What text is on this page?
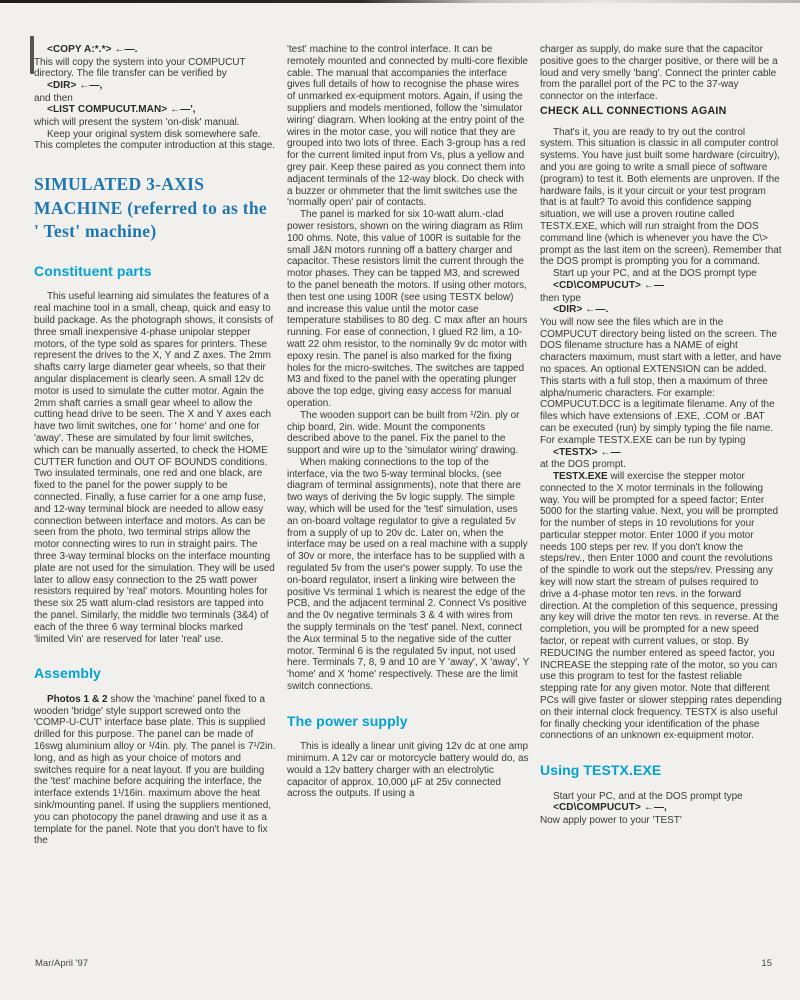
<COPY A:*.*> ←—.

This will copy the system into your COMPUCUT directory. The file transfer can be verified by

<DIR> ←—,

and then

<LIST COMPUCUT.MAN> ←—',

which will present the system 'on-disk' manual.

Keep your original system disk somewhere safe. This completes the computer introduction at this stage.

SIMULATED 3-AXIS MACHINE (referred to as the ' Test' machine)
Constituent parts

This useful learning aid simulates the features of a real machine tool in a small, cheap, quick and easy to build package. As the photograph shows, it consists of three small inexpensive 4-phase unipolar stepper motors, of the type sold as spares for printers. These represent the drives to the X, Y and Z axes. The 2mm shafts carry large diameter gear wheels, so that their angular displacement is clearly seen. A small 12v dc motor is used to simulate the cutter motor. Again the 2mm shaft carries a small gear wheel to allow the cutting head drive to be seen. The X and Y axes each have two limit switches, one for ' home' and one for 'away'. These are simulated by four limit switches, which can be manually asserted, to check the HOME CUTTER function and OUT OF BOUNDS conditions. Two insulated terminals, one red and one black, are fixed to the panel for the power supply to be connected. Finally, a fuse carrier for a one amp fuse, and 12-way terminal block are needed to allow easy connection between interface and motors. As can be seen from the photo, two terminal strips allow the motor connecting wires to run in straight pairs. The three 3-way terminal blocks on the interface mounting plate are not used for the simulation. They will be used later to allow easy connection to the 25 watt power resistors required by 'real' motors. Mounting holes for these six 25 watt alum-clad resistors are tapped into the panel. Similarly, the middle two terminals (3&4) of each of the three 6 way terminal blocks marked 'limited Vin' are reserved for later 'real' use.

Assembly

Photos 1 & 2 show the 'machine' panel fixed to a wooden 'bridge' style support screwed onto the 'COMP-U-CUT' interface base plate. This is supplied drilled for this purpose. The panel can be made of 16swg aluminium alloy or ¹/4in. ply. The panel is 7¹/2in. long, and as high as your choice of motors and switches require for a neat layout. If you are building the 'test' machine before acquiring the interface, the interface extends 1¹/16in. maximum above the heat sink/mounting panel. If using the suppliers mentioned, you can photocopy the panel drawing and use it as a template for the panel. Note that you don't have to fix the

'test' machine to the control interface. It can be remotely mounted and connected by multi-core flexible cable. The manual that accompanies the interface gives full details of how to recognise the phase wires of unmarked ex-equipment motors. Again, if using the suppliers and models mentioned, follow the 'simulator wiring' diagram. When looking at the entry point of the wires in the motor case, you will notice that they are grouped into two lots of three. Each 3-group has a red for the current limited input from Vs, plus a yellow and grey pair. Keep these paired as you connect them into adjacent terminals of the 12-way block. Do check with a buzzer or ohmmeter that the limit switches use the 'normally open' pair of contacts.

The panel is marked for six 10-watt alum.-clad power resistors, shown on the wiring diagram as Rlim 100 ohms. Note, this value of 100R is suitable for the small J&N motors running off a battery charger and capacitor. These resistors limit the current through the motor phases. They can be tapped M3, and screwed to the panel beneath the motors. If using other motors, then test one using 100R (see using TESTX below) and increase this value until the motor case temperature stabilises to 80 deg. C max after an hours running. For ease of connection, I glued R2 lim, a 10-watt 22 ohm resistor, to the nominally 9v dc motor with epoxy resin. The panel is also marked for the fixing holes for the micro-switches. The switches are tapped M3 and fixed to the panel with the operating plunger above the top edge, giving easy access for manual operation.

The wooden support can be built from ¹/2in. ply or chip board, 2in. wide. Mount the components described above to the panel. Fix the panel to the support and wire up to the 'simulator wiring' drawing.

When making connections to the top of the interface, via the two 5-way terminal blocks, (see diagram of terminal assignments), note that there are two ways of deriving the 5v logic supply. The simple way, which will be used for the 'test' simulation, uses an on-board voltage regulator to give a regulated 5v from a supply of up to 20v dc. Later on, when the interface may be used on a real machine with a supply of 30v or more, the interface has to be supplied with a regulated 5v from the user's power supply. To use the on-board regulator, insert a linking wire between the positive Vs terminal 1 which is nearest the edge of the PCB, and the adjacent terminal 2. Connect Vs positive and the 0v negative terminals 3 & 4 with wires from the supply terminals on the 'test' panel. Next, connect the Aux terminal 5 to the negative side of the cutter motor. Terminal 6 is the regulated 5v input, not used here. Terminals 7, 8, 9 and 10 are Y 'away', X 'away', Y 'home' and X 'home' respectively. These are the limit switch connections.

The power supply

This is ideally a linear unit giving 12v dc at one amp minimum. A 12v car or motorcycle battery would do, as would a 12v battery charger with an electrolytic capacitor of approx. 10,000 µF at 25v connected across the outputs. If using a

charger as supply, do make sure that the capacitor positive goes to the charger positive, or there will be a loud and very smelly 'bang'. Connect the printer cable from the parallel port of the PC to the 37-way connector on the interface.

CHECK ALL CONNECTIONS AGAIN

That's it, you are ready to try out the control system. This situation is classic in all computer control systems. You have just built some hardware (circuitry), and you are going to write a small piece of software (program) to test it. Both elements are unproven. If the hardware fails, is it your circuit or your test program that is at fault? To avoid this confidence sapping situation, we will use a proven routine called TESTX.EXE, which will run straight from the DOS command line (which is whenever you have the C\> prompt as the last item on the screen). Remember that the DOS prompt is prompting you for a command.

Start up your PC, and at the DOS prompt type

<CD\COMPUCUT> ←—

then type

<DIR> ←—.

You will now see the files which are in the COMPUCUT directory being listed on the screen. The DOS filename structure has a NAME of eight characters maximum, must start with a letter, and have no spaces. An optional EXTENSION can be added. This starts with a full stop, then a maximum of three alpha/numeric characters. For example: COMPUCUT.DCC is a legitimate filename. Any of the files which have extensions of .EXE, .COM or .BAT can be executed (run) by simply typing the file name. For example TESTX.EXE can be run by typing

<TESTX> ←—

at the DOS prompt.

TESTX.EXE will exercise the stepper motor connected to the X motor terminals in the following way. You will be prompted for a speed factor; Enter 5000 for the starting value. Next, you will be prompted for the number of steps in 10 revolutions for your particular stepper motor. Enter 1000 if you motor needs 100 steps per rev. If you don't know the steps/rev., then Enter 1000 and count the revolutions of the spindle to work out the steps/rev. Pressing any key will now start the stream of pulses required to drive a 4-phase motor ten revs. in the forward direction. At the completion of this sequence, pressing any key will drive the motor ten revs. in reverse. At the completion, you will be prompted for a new speed factor, or repeat with current values, or stop. By REDUCING the number entered as speed factor, you INCREASE the stepping rate of the motor, so you can use this program to test for the fastest reliable stepping rate for any given motor. Note that different PCs will give faster or slower stepping rates depending on their internal clock frequency. TESTX is also useful for finally checking your identification of the phase connections of an unknown ex-equipment motor.

Using TESTX.EXE

Start your PC, and at the DOS prompt type

<CD\COMPUCUT> ←—,

Now apply power to your 'TEST'

Mar/April '97	15
